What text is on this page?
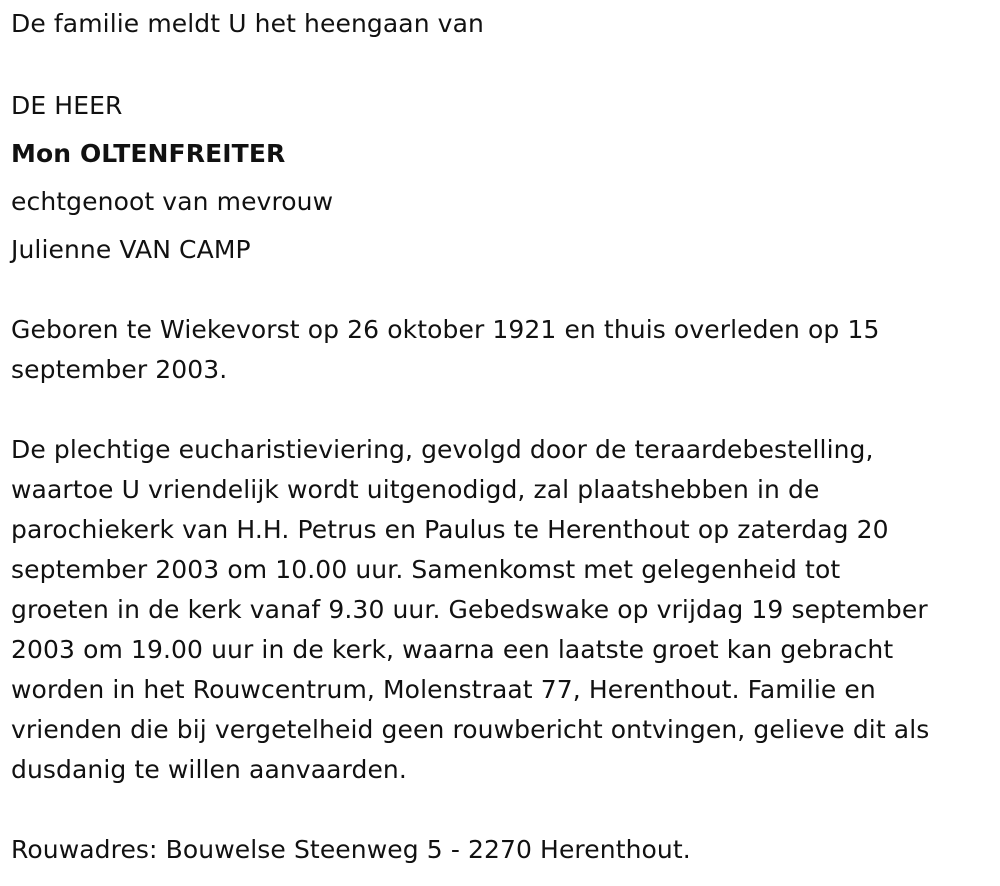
De familie meldt U het heengaan van
DE HEER
Mon OLTENFREITER
echtgenoot van mevrouw
Julienne VAN CAMP
Geboren te Wiekevorst op 26 oktober 1921 en thuis overleden op 15
september 2003.
De plechtige eucharistieviering, gevolgd door de teraardebestelling,
waartoe U vriendelijk wordt uitgenodigd, zal plaatshebben in de
parochiekerk van H.H. Petrus en Paulus te Herenthout op zaterdag 20
september 2003 om 10.00 uur. Samenkomst met gelegenheid tot
groeten in de kerk vanaf 9.30 uur. Gebedswake op vrijdag 19 september
2003 om 19.00 uur in de kerk, waarna een laatste groet kan gebracht
worden in het Rouwcentrum, Molenstraat 77, Herenthout. Familie en
vrienden die bij vergetelheid geen rouwbericht ontvingen, gelieve dit als
dusdanig te willen aanvaarden.
Rouwadres: Bouwelse Steenweg 5 - 2270 Herenthout.
